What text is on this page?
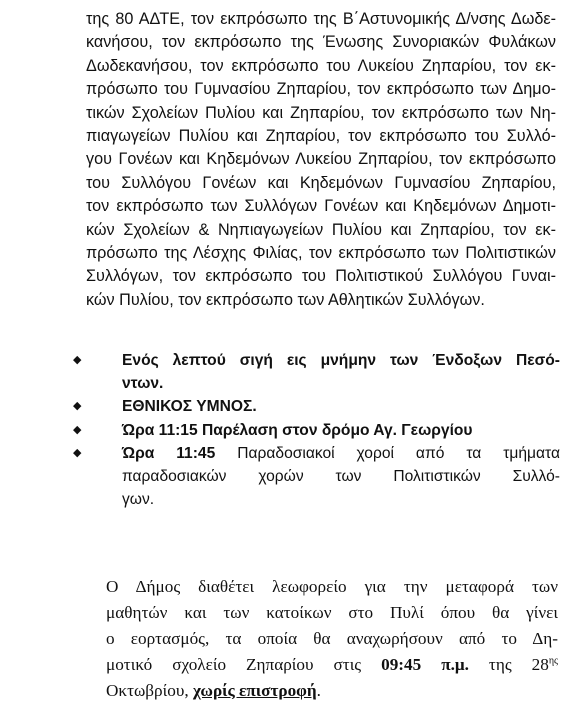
της 80 ΑΔΤΕ, τον εκπρόσωπο της Β΄Αστυνομικής Δ/νσης Δωδε-
κανήσου, τον εκπρόσωπο της Ένωσης Συνοριακών Φυλάκων
Δωδεκανήσου, τον εκπρόσωπο του Λυκείου Ζηπαρίου, τον εκ-
πρόσωπο του Γυμνασίου Ζηπαρίου, τον εκπρόσωπο των Δημο-
τικών Σχολείων Πυλίου και Ζηπαρίου, τον εκπρόσωπο των Νη-
πιαγωγείων Πυλίου και Ζηπαρίου, τον εκπρόσωπο του Συλλό-
γου Γονέων και Κηδεμόνων Λυκείου Ζηπαρίου, τον εκπρόσωπο
του Συλλόγου Γονέων και Κηδεμόνων Γυμνασίου Ζηπαρίου,
τον εκπρόσωπο των Συλλόγων Γονέων και Κηδεμόνων Δημοτι-
κών Σχολείων & Νηπιαγωγείων Πυλίου και Ζηπαρίου, τον εκ-
πρόσωπο της Λέσχης Φιλίας, τον εκπρόσωπο των Πολιτιστικών
Συλλόγων, τον εκπρόσωπο του Πολιτιστικού Συλλόγου Γυναι-
κών Πυλίου, τον εκπρόσωπο των Αθλητικών Συλλόγων.
◆	Ενός λεπτού σιγή εις μνήμην των Ένδοξων Πεσό-
ντων.
◆	ΕΘΝΙΚΟΣ ΥΜΝΟΣ.
◆	Ώρα 11:15 Παρέλαση στον δρόμο Αγ. Γεωργίου
◆	Ώρα 11:45 Παραδοσιακοί χοροί από τα τμήματα
παραδοσιακών χορών των Πολιτιστικών Συλλό-
γων.
Ο Δήμος διαθέτει λεωφορείο για την μεταφορά των
μαθητών και των κατοίκων στο Πυλί όπου θα γίνει
ο εορτασμός, τα οποία θα αναχωρήσουν από το Δη-
μοτικό σχολείο Ζηπαρίου στις 09:45 π.μ. της $28^{\eta\varsigma}$
Οκτωβρίου, χωρίς επιστροφή.
